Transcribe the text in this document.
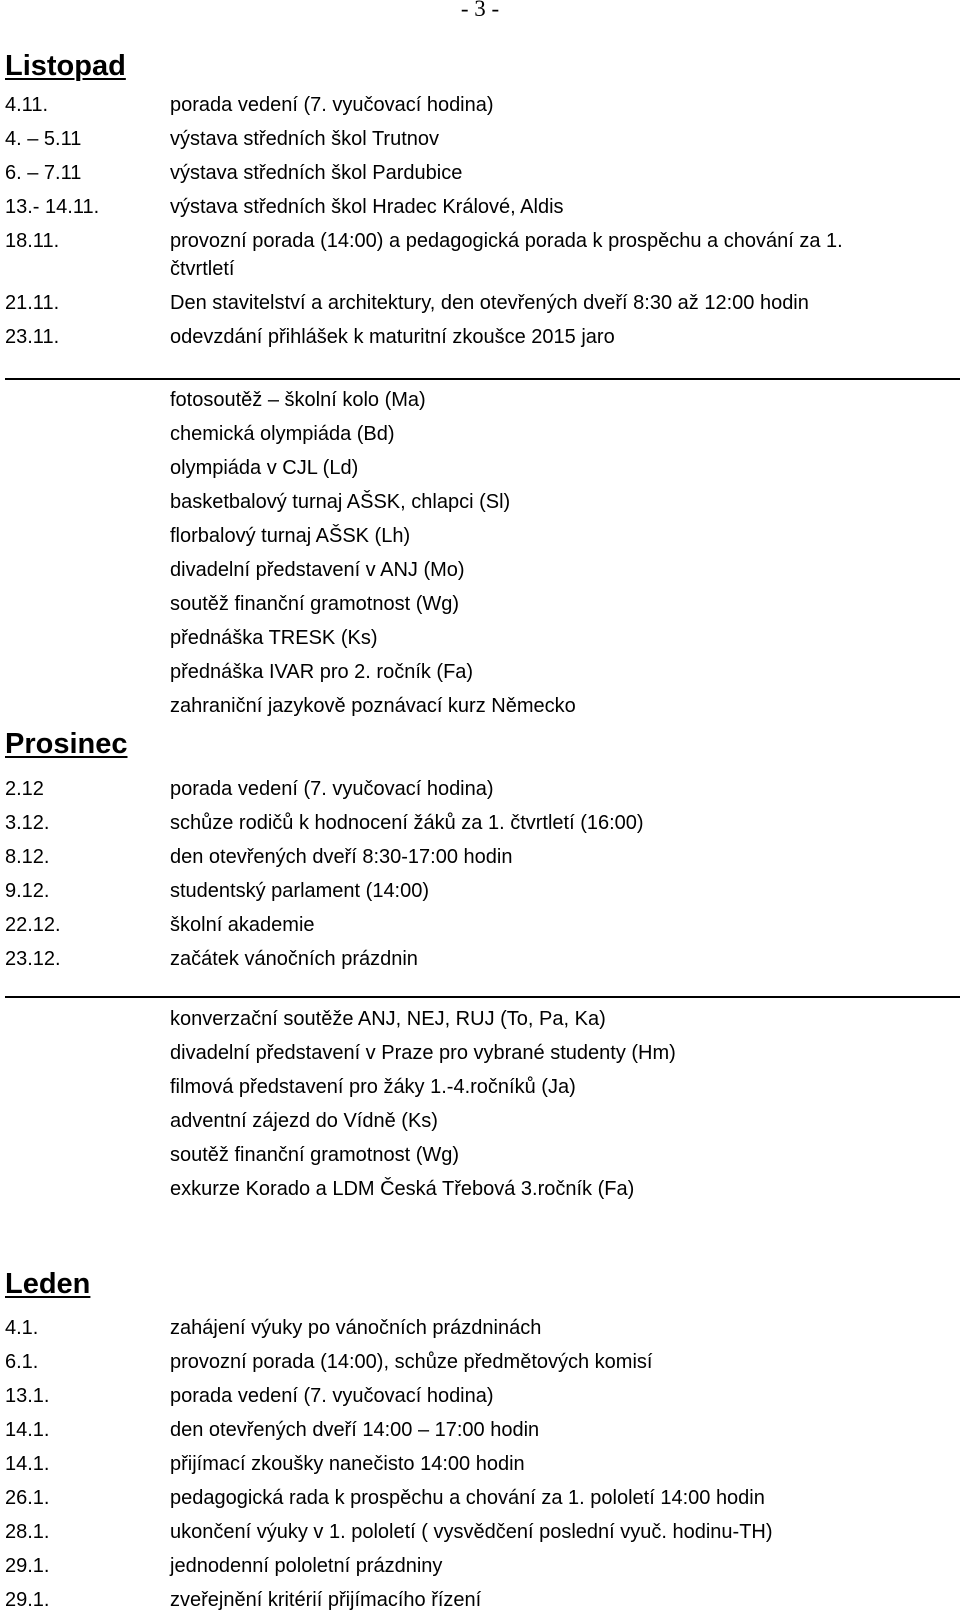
- 3 -
Listopad
4.11.	porada vedení (7. vyučovací hodina)
4. – 5.11	výstava středních škol Trutnov
6. – 7.11	výstava středních škol Pardubice
13.- 14.11.	výstava středních škol Hradec Králové, Aldis
18.11.	provozní porada (14:00) a pedagogická porada k prospěchu a chování za 1. čtvrtletí
21.11.	Den stavitelství a architektury, den otevřených dveří 8:30 až 12:00 hodin
23.11.	odevzdání přihlášek k maturitní zkoušce 2015 jaro
fotosoutěž – školní kolo (Ma)
chemická olympiáda (Bd)
olympiáda v CJL (Ld)
basketbalový turnaj AŠSK, chlapci (Sl)
florbalový turnaj AŠSK (Lh)
divadelní představení v ANJ (Mo)
soutěž finanční gramotnost (Wg)
přednáška TRESK (Ks)
přednáška IVAR pro 2. ročník (Fa)
zahraniční jazykově poznávací kurz Německo
Prosinec
2.12	porada vedení (7. vyučovací hodina)
3.12.	schůze rodičů k hodnocení žáků za 1. čtvrtletí (16:00)
8.12.	den otevřených dveří 8:30-17:00 hodin
9.12.	studentský parlament (14:00)
22.12.	školní akademie
23.12.	začátek vánočních prázdnin
konverzační soutěže ANJ, NEJ, RUJ (To, Pa, Ka)
divadelní představení v Praze pro vybrané studenty (Hm)
filmová představení pro žáky 1.-4.ročníků (Ja)
adventní zájezd do Vídně (Ks)
soutěž finanční gramotnost (Wg)
exkurze Korado a LDM Česká Třebová 3.ročník (Fa)
Leden
4.1.	zahájení výuky po vánočních prázdninách
6.1.	provozní porada (14:00), schůze předmětových komisí
13.1.	porada vedení (7. vyučovací hodina)
14.1.	den otevřených dveří 14:00 – 17:00 hodin
14.1.	přijímací zkoušky nanečisto 14:00 hodin
26.1.	pedagogická rada k prospěchu a chování za 1. pololetí 14:00 hodin
28.1.	ukončení výuky v 1. pololetí ( vysvědčení poslední vyuč. hodinu-TH)
29.1.	jednodenní pololetní prázdniny
29.1.	zveřejnění kritérií přijímacího řízení
